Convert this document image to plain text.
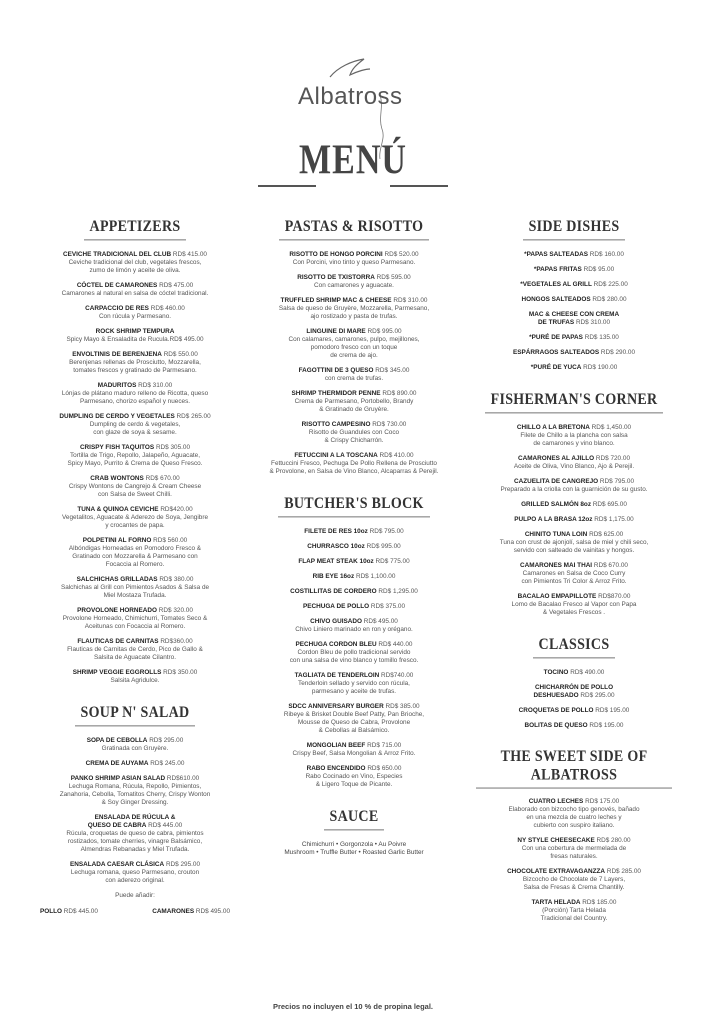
Albatross
MENÚ
APPETIZERS
CEVICHE TRADICIONAL DEL CLUB RD$ 415.00
Ceviche tradicional del club, vegetales frescos,
zumo de limón y aceite de oliva.
CÓCTEL DE CAMARONES RD$ 475.00
Camarones al natural en salsa de cóctel tradicional.
CARPACCIO DE RES RD$ 460.00
Con rúcula y Parmesano.
ROCK SHRIMP TEMPURA
Spicy Mayo & Ensaladita de Rucula.RD$ 495.00
ENVOLTINIS DE BERENJENA RD$ 550.00
Berenjenas rellenas de Prosciutto, Mozzarella,
tomates frescos y gratinado de Parmesano.
MADURITOS RD$ 310.00
Lónjas de plátano maduro relleno de Ricotta, queso
Parmesano, chorizo español y nueces.
DUMPLING DE CERDO Y VEGETALES RD$ 265.00
Dumpling de cerdo & vegetales,
con glaze de soya & sesame.
CRISPY FISH TAQUITOS RD$ 305.00
Tortilla de Trigo, Repollo, Jalapeño, Aguacate,
Spicy Mayo, Purrito & Crema de Queso Fresco.
CRAB WONTONS RD$ 670.00
Crispy Wontons de Cangrejo & Cream Cheese
con Salsa de Sweet Chilli.
TUNA & QUINOA CEVICHE RD$420.00
Vegetalitos, Aguacate & Aderezo de Soya, Jengibre
y crocantes de papa.
POLPETINI AL FORNO RD$ 560.00
Albóndigas Horneadas en Pomodoro Fresco &
Gratinado con Mozzarella & Parmesano con
Focaccia al Romero.
SALCHICHAS GRILLADAS RD$ 380.00
Salchichas al Grill con Pimientos Asados & Salsa de
Miel Mostaza Trufada.
PROVOLONE HORNEADO RD$ 320.00
Provolone Horneado, Chimichurri, Tomates Seco &
Aceitunas con Focaccia al Romero.
FLAUTICAS DE CARNITAS RD$360.00
Flauticas de Carnitas de Cerdo, Pico de Gallo &
Salsita de Aguacate Cilantro.
SHRIMP VEGGIE EGGROLLS RD$ 350.00
Salsita Agridulce.
SOUP N' SALAD
SOPA DE CEBOLLA RD$ 295.00
Gratinada con Gruyère.
CREMA DE AUYAMA RD$ 245.00
PANKO SHRIMP ASIAN SALAD RD$610.00
Lechuga Romana, Rúcula, Repollo, Pimientos,
Zanahoria, Cebolla, Tomatitos Cherry, Crispy Wonton
& Soy Ginger Dressing.
ENSALADA DE RÚCULA &
QUESO DE CABRA RD$ 445.00
Rúcula, croquetas de queso de cabra, pimientos
rostizados, tomate cherries, vinagre Balsámico,
Almendras Rebanadas y Miel Trufada.
ENSALADA CAESAR CLÁSICA RD$ 295.00
Lechuga romana, queso Parmesano, crouton
con aderezo original.
Puede añadir:
POLLO RD$ 445.00	CAMARONES RD$ 495.00
PASTAS & RISOTTO
RISOTTO DE HONGO PORCINI RD$ 520.00
Con Porcini, vino tinto y queso Parmesano.
RISOTTO DE TXISTORRA RD$ 595.00
Con camarones y aguacate.
TRUFFLED SHRIMP MAC & CHEESE RD$ 310.00
Salsa de queso de Gruyère, Mozzarella, Parmesano,
ajo rostizado y pasta de trufas.
LINGUINE DI MARE RD$ 995.00
Con calamares, camarones, pulpo, mejillones,
pomodoro fresco con un toque
de crema de ajo.
FAGOTTINI DE 3 QUESO RD$ 345.00
con crema de trufas.
SHRIMP THERMIDOR PENNE RD$ 890.00
Crema de Parmesano, Portobello, Brandy
& Gratinado de Gruyère.
RISOTTO CAMPESINO RD$ 730.00
Risotto de Guandules con Coco
& Crispy Chicharrón.
FETUCCINI A LA TOSCANA RD$ 410.00
Fettuccini Fresco, Pechuga De Pollo Rellena de Prosciutto
& Provolone, en Salsa de Vino Blanco, Alcaparras & Perejil.
BUTCHER'S BLOCK
FILETE DE RES 10oz RD$ 795.00
CHURRASCO 10oz RD$ 995.00
FLAP MEAT STEAK 10oz RD$ 775.00
RIB EYE 16oz RD$ 1,100.00
COSTILLITAS DE CORDERO RD$ 1,295.00
PECHUGA DE POLLO RD$ 375.00
CHIVO GUISADO RD$ 495.00
Chivo Liniero marinado en ron y orégano.
PECHUGA CORDON BLEU RD$ 440.00
Cordon Bleu de pollo tradicional servido
con una salsa de vino blanco y tomillo fresco.
TAGLIATA DE TENDERLOIN RD$740.00
Tenderloin sellado y servido con rúcula,
parmesano y aceite de trufas.
SDCC ANNIVERSARY BURGER RD$ 385.00
Ribeye & Brisket Double Beef Patty, Pan Brioche,
Mousse de Queso de Cabra, Provolone
& Cebollas al Balsámico.
MONGOLIAN BEEF RD$ 715.00
Crispy Beef, Salsa Mongolian & Arroz Frito.
RABO ENCENDIDO RD$ 650.00
Rabo Cocinado en Vino, Especies
& Ligero Toque de Picante.
SAUCE
Chimichurri • Gorgonzola • Au Poivre
Mushroom • Truffle Butter • Roasted Garlic Butter
SIDE DISHES
*PAPAS SALTEADAS RD$ 160.00
*PAPAS FRITAS RD$ 95.00
*VEGETALES AL GRILL RD$ 225.00
HONGOS SALTEADOS RD$ 280.00
MAC & CHEESE CON CREMA
DE TRUFAS RD$ 310.00
*PURÉ DE PAPAS RD$ 135.00
ESPÁRRAGOS SALTEADOS RD$ 290.00
*PURÉ DE YUCA RD$ 190.00
FISHERMAN'S CORNER
CHILLO A LA BRETONA RD$ 1,450.00
Filete de Chillo a la plancha con salsa
de camarones y vino blanco.
CAMARONES AL AJILLO RD$ 720.00
Aceite de Oliva, Vino Blanco, Ajo & Perejil.
CAZUELITA DE CANGREJO RD$ 795.00
Preparado a la criolla con la guarnición de su gusto.
GRILLED SALMÓN 8oz RD$ 695.00
PULPO A LA BRASA 12oz RD$ 1,175.00
CHINITO TUNA LOIN RD$ 625.00
Tuna con crust de ajonjolí, salsa de miel y chili seco,
servido con salteado de vainitas y hongos.
CAMARONES MAI THAI RD$ 670.00
Camarones en Salsa de Coco Curry
con Pimientos Tri Color & Arroz Frito.
BACALAO EMPAPILLOTE RD$870.00
Lomo de Bacalao Fresco al Vapor con Papa
& Vegetales Frescos .
CLASSICS
TOCINO RD$ 490.00
CHICHARRÓN DE POLLO
DESHUESADO RD$ 295.00
CROQUETAS DE POLLO RD$ 195.00
BOLITAS DE QUESO RD$ 195.00
THE SWEET SIDE OF ALBATROSS
CUATRO LECHES RD$ 175.00
Elaborado con bizcocho tipo genovés, bañado
en una mezcla de cuatro leches y
cubierto con suspiro italiano.
NY STYLE CHEESECAKE RD$ 280.00
Con una cobertura de mermelada de
fresas naturales.
CHOCOLATE EXTRAVAGANZZA RD$ 285.00
Bizcocho de Chocolate de 7 Layers,
Salsa de Fresas & Crema Chantilly.
TARTA HELADA RD$ 185.00
(Porción) Tarta Helada
Tradicional del Country.
Precios no incluyen el 10 % de propina legal.
